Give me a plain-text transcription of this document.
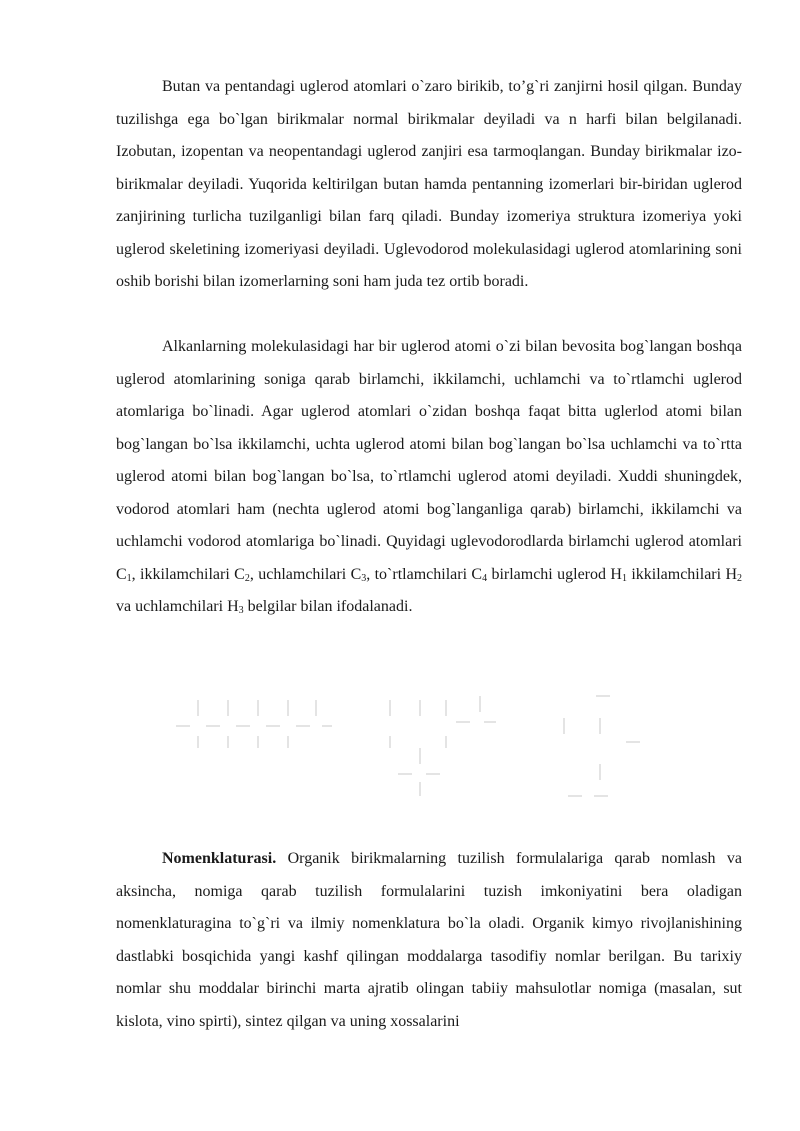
Butan va pentandagi uglerod atomlari o`zaro birikib, to’g`ri zanjirni hosil qilgan. Bunday tuzilishga ega bo`lgan birikmalar normal birikmalar deyiladi va n harfi bilan belgilanadi. Izobutan, izopentan va neopentandagi uglerod zanjiri esa tarmoqlangan. Bunday birikmalar izo- birikmalar deyiladi. Yuqorida keltirilgan butan hamda pentanning izomerlari bir-biridan uglerod zanjirining turlicha tuzilganligi bilan farq qiladi. Bunday izomeriya struktura izomeriya yoki uglerod skeletining izomeriyasi deyiladi. Uglevodorod molekulasidagi uglerod atomlarining soni oshib borishi bilan izomerlarning soni ham juda tez ortib boradi.

Alkanlarning molekulasidagi har bir uglerod atomi o`zi bilan bevosita bog`langan boshqa uglerod atomlarining soniga qarab birlamchi, ikkilamchi, uchlamchi va to`rtlamchi uglerod atomlariga bo`linadi. Agar uglerod atomlari o`zidan boshqa faqat bitta uglerlod atomi bilan bog`langan bo`lsa ikkilamchi, uchta uglerod atomi bilan bog`langan bo`lsa uchlamchi va to`rtta uglerod atomi bilan bog`langan bo`lsa, to`rtlamchi uglerod atomi deyiladi. Xuddi shuningdek, vodorod atomlari ham (nechta uglerod atomi bog`langanliga qarab) birlamchi, ikkilamchi va uchlamchi vodorod atomlariga bo`linadi. Quyidagi uglevodorodlarda birlamchi uglerod atomlari $C_1$, ikkilamchilari $C_2$, uchlamchilari $C_3$, to`rtlamchilari $C_4$ birlamchi uglerod $H_1$ ikkilamchilari $H_2$ va uchlamchilari $H_3$ belgilar bilan ifodalanadi.

Nomenklaturasi. Organik birikmalarning tuzilish formulalariga qarab nomlash va aksincha, nomiga qarab tuzilish formulalarini tuzish imkoniyatini bera oladigan nomenklaturagina to`g`ri va ilmiy nomenklatura bo`la oladi. Organik kimyo rivojlanishining dastlabki bosqichida yangi kashf qilingan moddalarga tasodifiy nomlar berilgan. Bu tarixiy nomlar shu moddalar birinchi marta ajratib olingan tabiiy mahsulotlar nomiga (masalan, sut kislota, vino spirti), sintez qilgan va uning xossalarini
